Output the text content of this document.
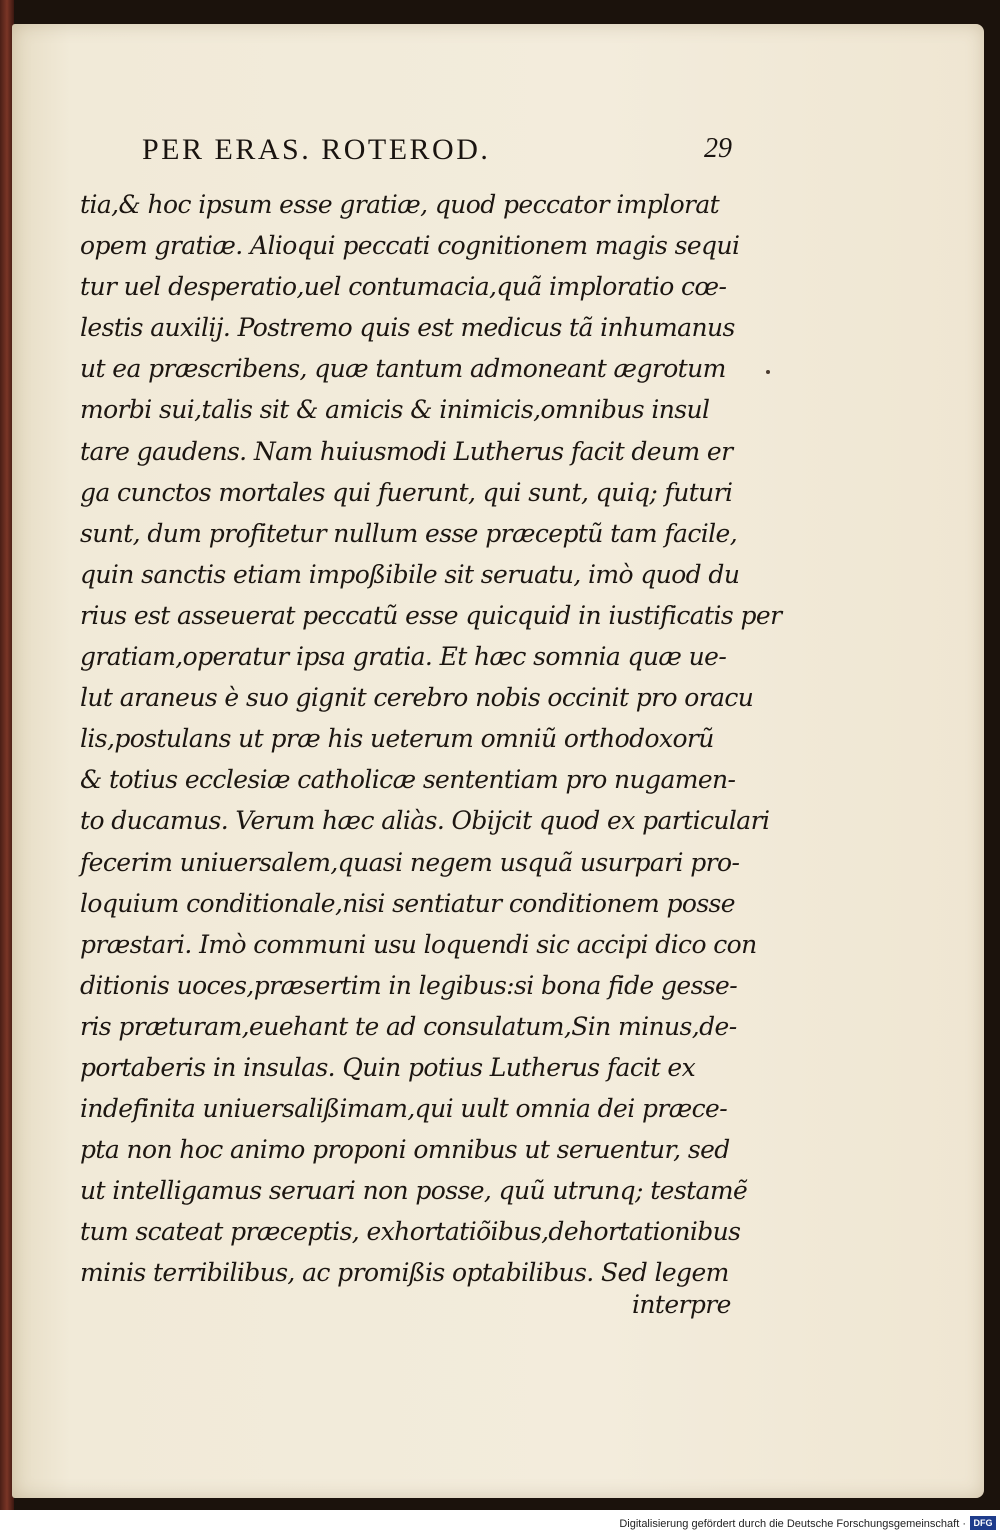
PER ERAS. ROTEROD.	29
tia,& hoc ipsum esse gratiæ, quod peccator implorat
opem gratiæ. Alioqui peccati cognitionem magis sequi
tur uel desperatio,uel contumacia,quã imploratio cœ-
lestis auxilij. Postremo quis est medicus tã inhumanus
ut ea præscribens, quæ tantum admoneant ægrotum
morbi sui,talis sit & amicis & inimicis,omnibus insul
tare gaudens. Nam huiusmodi Lutherus facit deum er
ga cunctos mortales qui fuerunt, qui sunt, quiq; futuri
sunt, dum profitetur nullum esse præceptũ tam facile,
quin sanctis etiam impoßibile sit seruatu, imò quod du
rius est asseuerat peccatũ esse quicquid in iustificatis per
gratiam,operatur ipsa gratia. Et hæc somnia quæ ue-
lut araneus è suo gignit cerebro nobis occinit pro oracu
lis,postulans ut præ his ueterum omniũ orthodoxorũ
& totius ecclesiæ catholicæ sententiam pro nugamen-
to ducamus. Verum hæc aliàs. Obijcit quod ex particulari
fecerim uniuersalem,quasi negem usquã usurpari pro-
loquium conditionale,nisi sentiatur conditionem posse
præstari. Imò communi usu loquendi sic accipi dico con
ditionis uoces,præsertim in legibus:si bona fide gesse-
ris præturam,euehant te ad consulatum,Sin minus,de-
portaberis in insulas. Quin potius Lutherus facit ex
indefinita uniuersalißimam,qui uult omnia dei præce-
pta non hoc animo proponi omnibus ut seruentur, sed
ut intelligamus seruari non posse, quũ utrunq; testamẽ
tum scateat præceptis, exhortatiõibus,dehortationibus
minis terribilibus, ac promißis optabilibus. Sed legem
interpre
Digitalisierung gefördert durch die Deutsche Forschungsgemeinschaft · DFG
